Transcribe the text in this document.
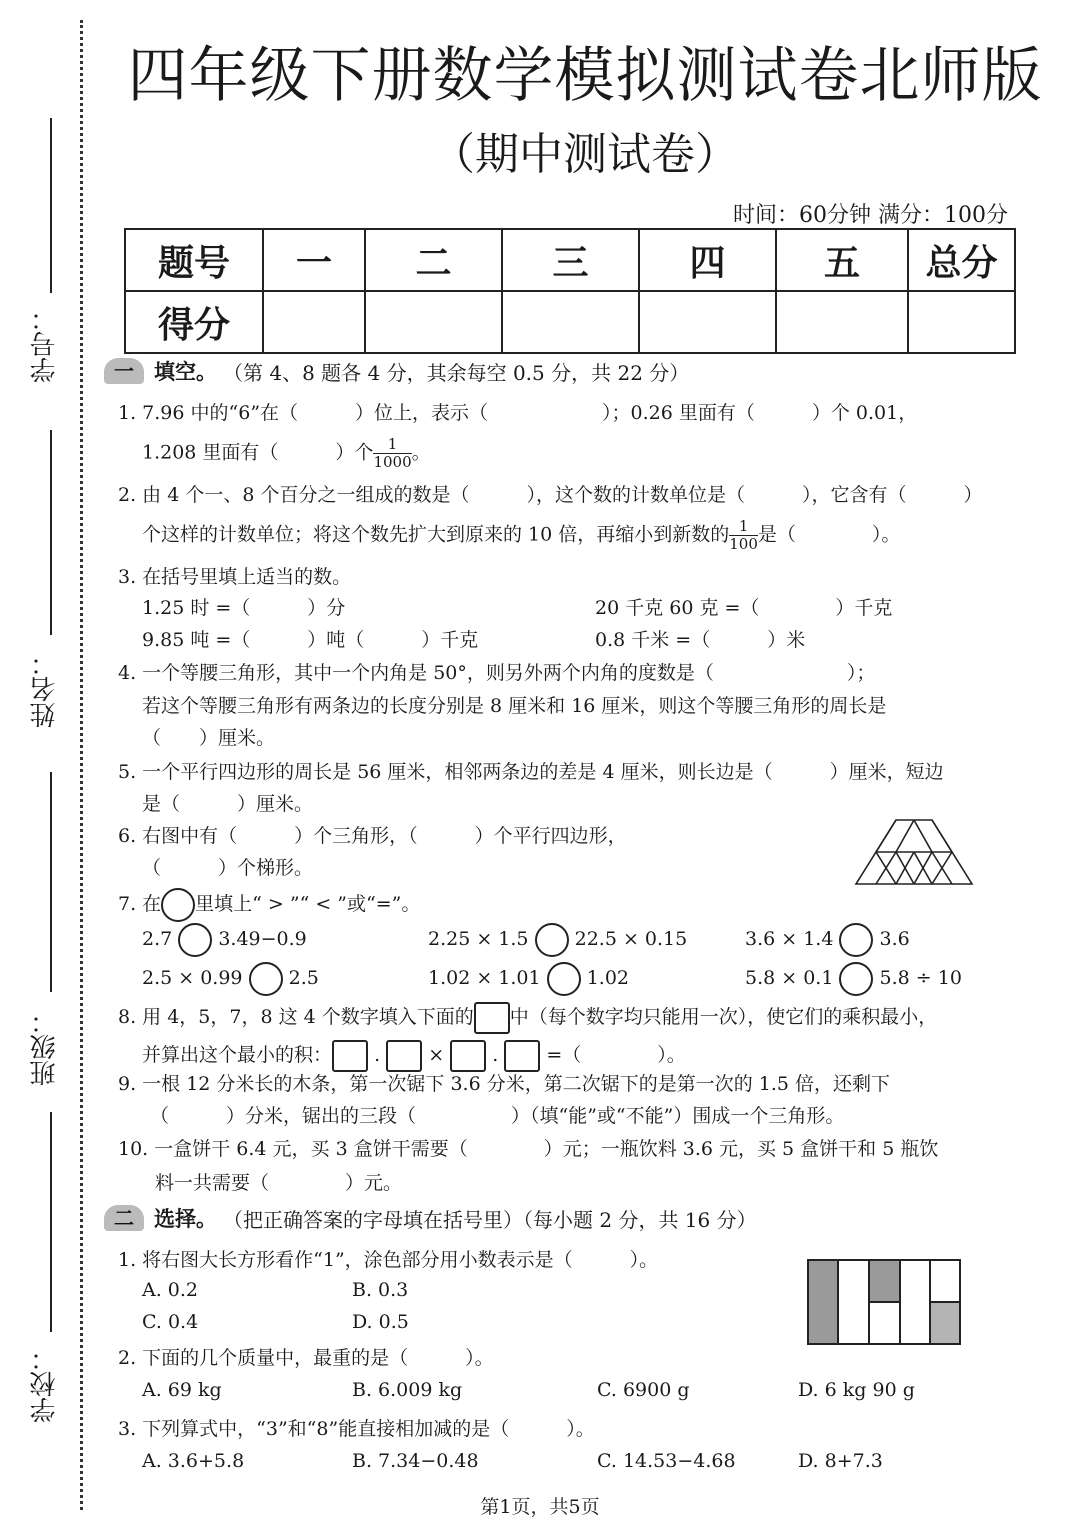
学号：
姓名：
班级：
学校：
四年级下册数学模拟测试卷北师版
（期中测试卷）
时间：60分钟 满分：100分
题号	一	二	三	四	五	总分
得分						
一 填空。 （第 4、8 题各 4 分，其余每空 0.5 分，共 22 分）
1. 7.96 中的“6”在（　　　）位上，表示（　　　　　　）；0.26 里面有（　　　）个 0.01，
1.208 里面有（　　　）个 $\frac{1}{1000}$ 。
2. 由 4 个一、8 个百分之一组成的数是（　　　），这个数的计数单位是（　　　），它含有（　　　）
个这样的计数单位；将这个数先扩大到原来的 10 倍，再缩小到新数的 $\frac{1}{100}$ 是（　　　　）。
3. 在括号里填上适当的数。
1.25 时 =（　　　）分	20 千克 60 克 =（　　　　）千克
9.85 吨 =（　　　）吨（　　　）千克	0.8 千米 =（　　　）米
4. 一个等腰三角形，其中一个内角是 50°，则另外两个内角的度数是（　　　　　　　）；
若这个等腰三角形有两条边的长度分别是 8 厘米和 16 厘米，则这个等腰三角形的周长是
（　　）厘米。
5. 一个平行四边形的周长是 56 厘米，相邻两条边的差是 4 厘米，则长边是（　　　）厘米，短边
是（　　　）厘米。
6. 右图中有（　　　）个三角形，（　　　）个平行四边形，
（　　　）个梯形。
7. 在 里填上“ > ”“ < ”或“=”。
2.7 3.49−0.9	2.25 × 1.5 22.5 × 0.15	3.6 × 1.4 3.6
2.5 × 0.99 2.5	1.02 × 1.01 1.02	5.8 × 0.1 5.8 ÷ 10
8. 用 4，5，7，8 这 4 个数字填入下面的 中（每个数字均只能用一次），使它们的乘积最小，
并算出这个最小的积： .	×	.	=（　　　　）。
9. 一根 12 分米长的木条，第一次锯下 3.6 分米，第二次锯下的是第一次的 1.5 倍，还剩下
（　　　）分米，锯出的三段（　　　　　）（填“能”或“不能”）围成一个三角形。
10. 一盒饼干 6.4 元，买 3 盒饼干需要（　　　　）元；一瓶饮料 3.6 元，买 5 盒饼干和 5 瓶饮
料一共需要（　　　　）元。
二 选择。 （把正确答案的字母填在括号里）（每小题 2 分，共 16 分）
1. 将右图大长方形看作“1”，涂色部分用小数表示是（　　　）。
A. 0.2	B. 0.3
C. 0.4	D. 0.5
2. 下面的几个质量中，最重的是（　　　）。
A. 69 kg	B. 6.009 kg	C. 6900 g	D. 6 kg 90 g
3. 下列算式中，“3”和“8”能直接相加减的是（　　　）。
A. 3.6+5.8	B. 7.34−0.48	C. 14.53−4.68	D. 8+7.3
第1页，共5页
